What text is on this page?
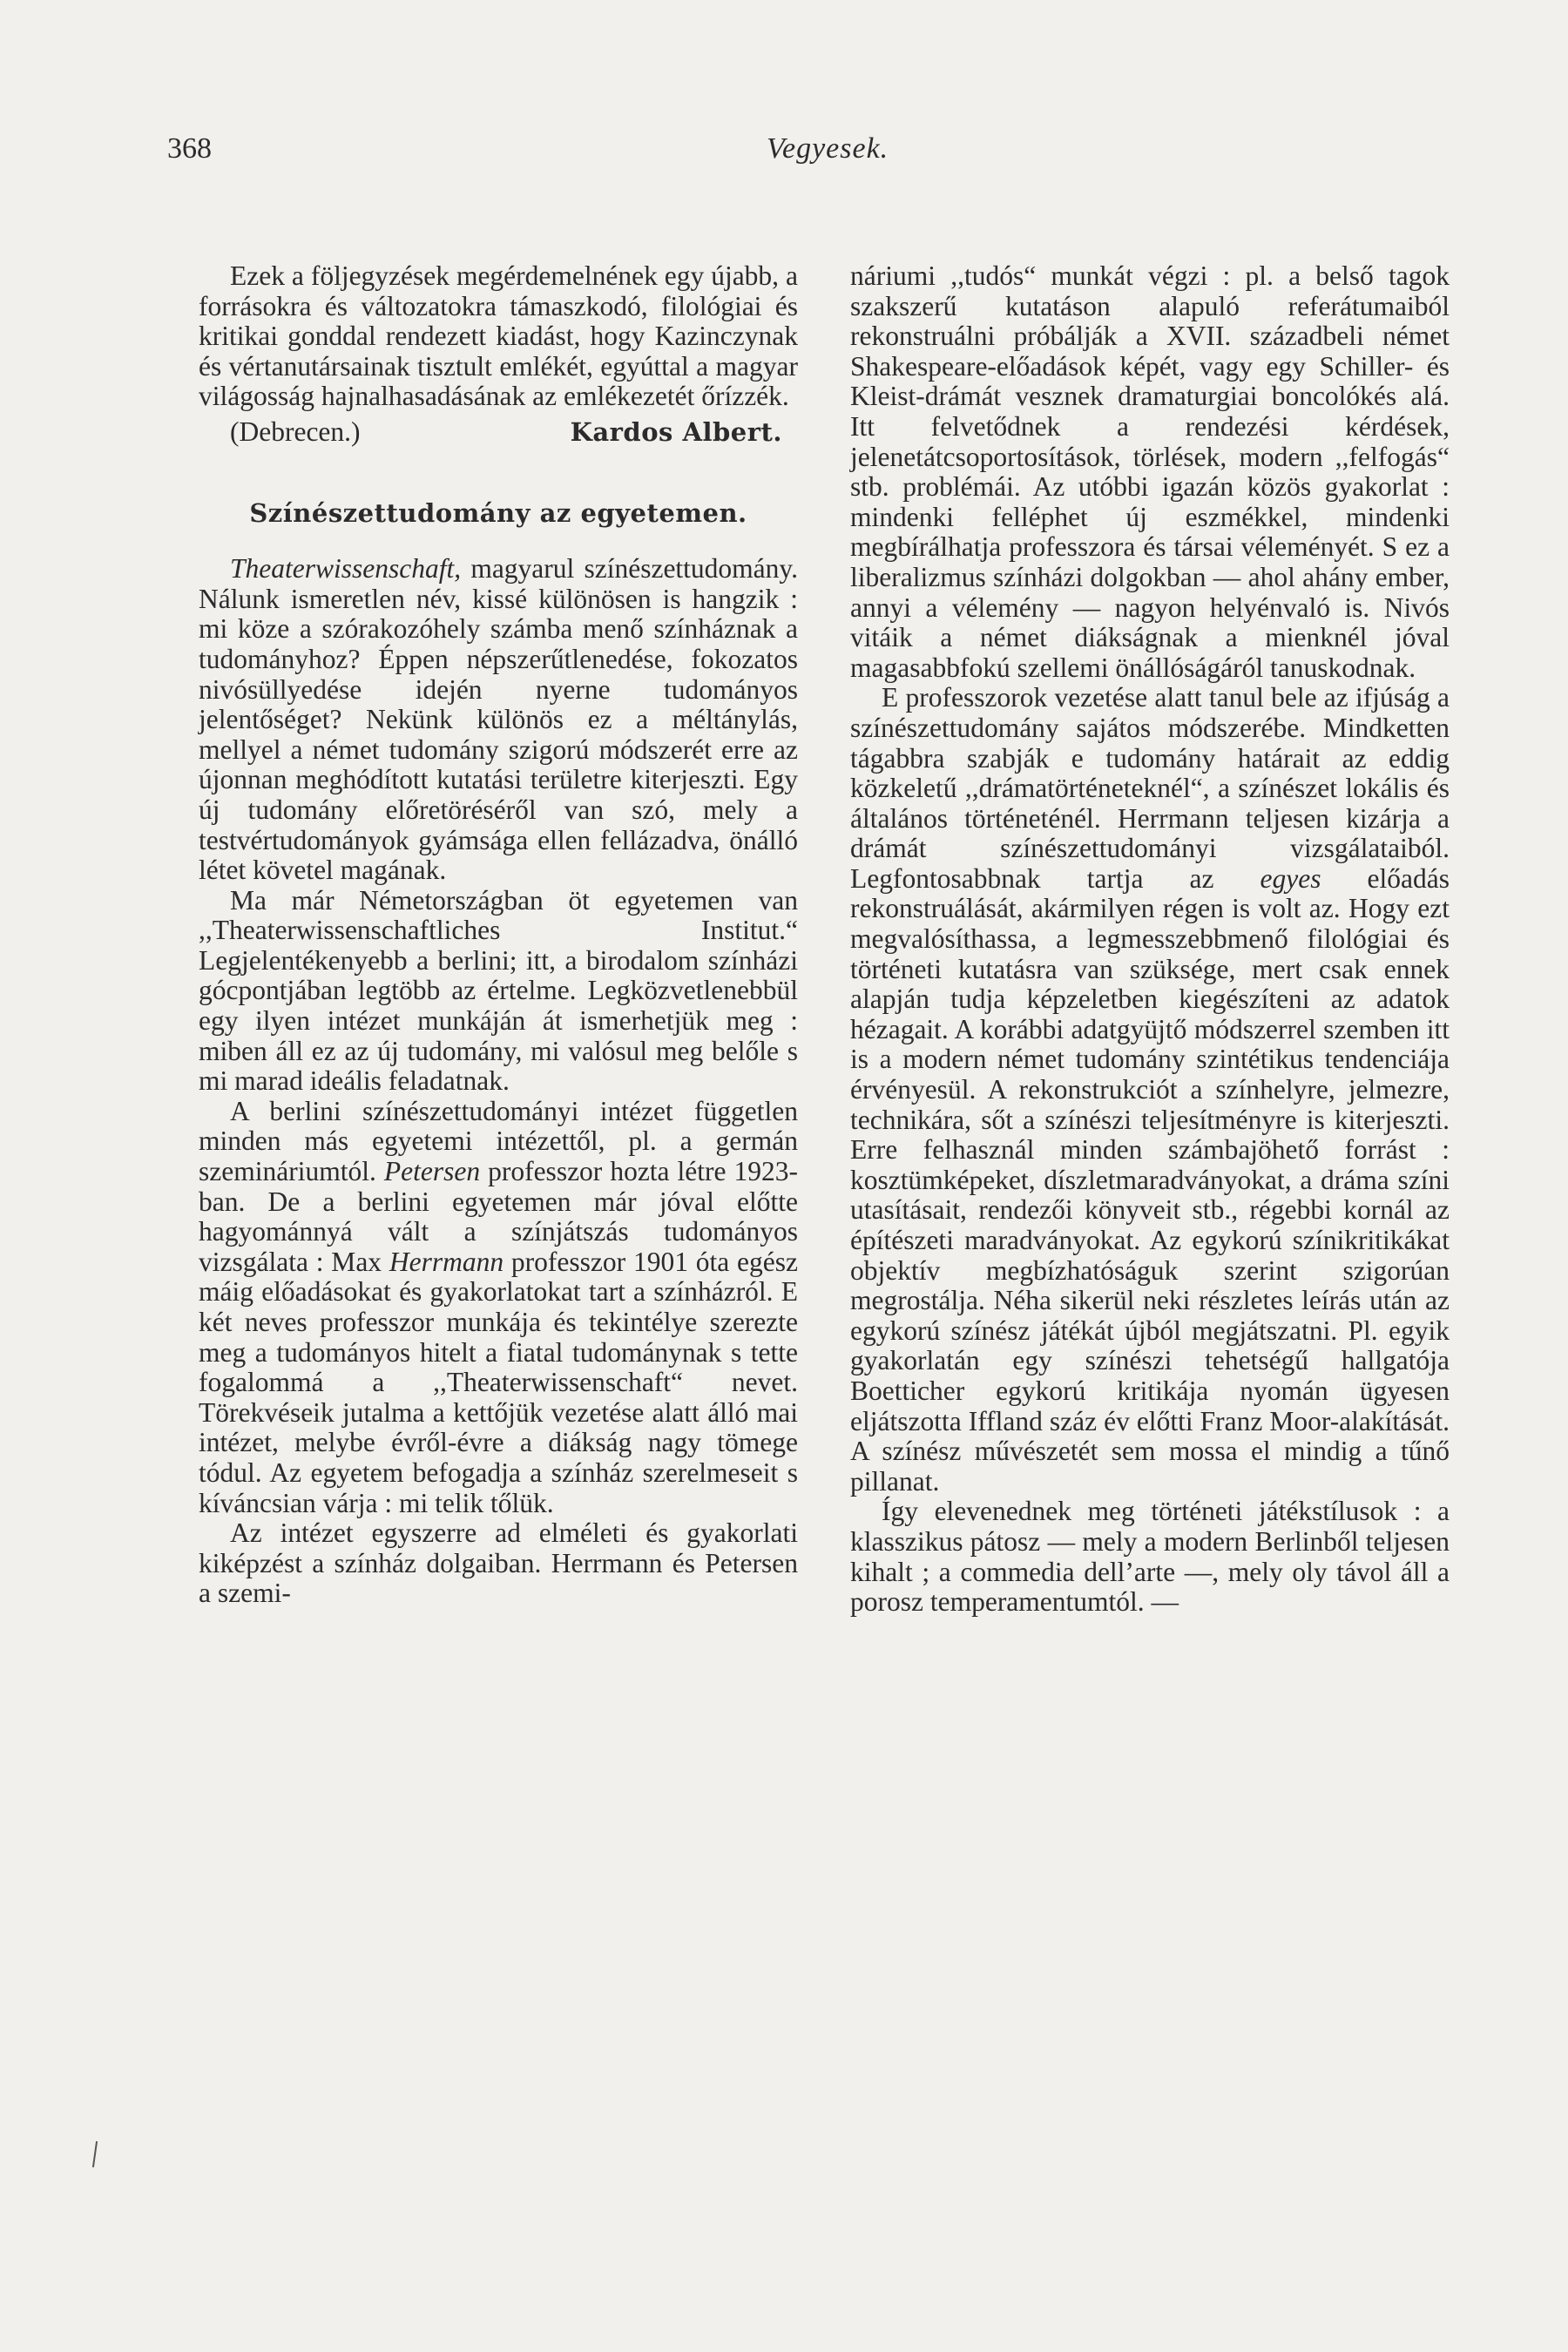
368	Vegyesek.

Ezek a följegyzések megérdemelnének egy újabb, a forrásokra és változatokra támaszkodó, filológiai és kritikai gonddal rendezett kiadást, hogy Kazinczynak és vértanutársainak tisztult emlékét, egyúttal a magyar világosság hajnalhasadásának az emlékezetét őrízzék.

(Debrecen.)	Kardos Albert.
Színészettudomány az egyetemen.

Theaterwissenschaft, magyarul színészettudomány. Nálunk ismeretlen név, kissé különösen is hangzik : mi köze a szórakozóhely számba menő színháznak a tudományhoz? Éppen népszerűtlenedése, fokozatos nivósüllyedése idején nyerne tudományos jelentőséget? Nekünk különös ez a méltánylás, mellyel a német tudomány szigorú módszerét erre az újonnan meghódított kutatási területre kiterjeszti. Egy új tudomány előretöréséről van szó, mely a testvértudományok gyámsága ellen fellázadva, önálló létet követel magának.

Ma már Németországban öt egyetemen van ,,Theaterwissenschaftliches Institut.“ Legjelentékenyebb a berlini; itt, a birodalom színházi gócpontjában legtöbb az értelme. Legközvetlenebbül egy ilyen intézet munkáján át ismerhetjük meg : miben áll ez az új tudomány, mi valósul meg belőle s mi marad ideális feladatnak.

A berlini színészettudományi intézet független minden más egyetemi intézettől, pl. a germán szemináriumtól. Petersen professzor hozta létre 1923-ban. De a berlini egyetemen már jóval előtte hagyománnyá vált a színjátszás tudományos vizsgálata : Max Herrmann professzor 1901 óta egész máig előadásokat és gyakorlatokat tart a színházról. E két neves professzor munkája és tekintélye szerezte meg a tudományos hitelt a fiatal tudománynak s tette fogalommá a ,,Theaterwissenschaft“ nevet. Törekvéseik jutalma a kettőjük vezetése alatt álló mai intézet, melybe évről-évre a diákság nagy tömege tódul. Az egyetem befogadja a színház szerelmeseit s kíváncsian várja : mi telik tőlük.

Az intézet egyszerre ad elméleti és gyakorlati kiképzést a színház dolgaiban. Herrmann és Petersen a szemi-

náriumi ,,tudós“ munkát végzi : pl. a belső tagok szakszerű kutatáson alapuló referátumaiból rekonstruálni próbálják a XVII. századbeli német Shakespeare-előadások képét, vagy egy Schiller- és Kleist-drámát vesznek dramaturgiai boncolókés alá. Itt felvetődnek a rendezési kérdések, jelenetátcsoportosítások, törlések, modern ,,felfogás“ stb. problémái. Az utóbbi igazán közös gyakorlat : mindenki felléphet új eszmékkel, mindenki megbírálhatja professzora és társai véleményét. S ez a liberalizmus színházi dolgokban — ahol ahány ember, annyi a vélemény — nagyon helyénvaló is. Nivós vitáik a német diákságnak a mienknél jóval magasabbfokú szellemi önállóságáról tanuskodnak.

E professzorok vezetése alatt tanul bele az ifjúság a színészettudomány sajátos módszerébe. Mindketten tágabbra szabják e tudomány határait az eddig közkeletű ,,drámatörténeteknél“, a színészet lokális és általános történeténél. Herrmann teljesen kizárja a drámát színészettudományi vizsgálataiból. Legfontosabbnak tartja az egyes előadás rekonstruálását, akármilyen régen is volt az. Hogy ezt megvalósíthassa, a legmesszebbmenő filológiai és történeti kutatásra van szüksége, mert csak ennek alapján tudja képzeletben kiegészíteni az adatok hézagait. A korábbi adatgyüjtő módszerrel szemben itt is a modern német tudomány szintétikus tendenciája érvényesül. A rekonstrukciót a színhelyre, jelmezre, technikára, sőt a színészi teljesítményre is kiterjeszti. Erre felhasznál minden számbajöhető forrást : kosztümképeket, díszletmaradványokat, a dráma színi utasításait, rendezői könyveit stb., régebbi kornál az építészeti maradványokat. Az egykorú színikritikákat objektív megbízhatóságuk szerint szigorúan megrostálja. Néha sikerül neki részletes leírás után az egykorú színész játékát újból megjátszatni. Pl. egyik gyakorlatán egy színészi tehetségű hallgatója Boetticher egykorú kritikája nyomán ügyesen eljátszotta Iffland száz év előtti Franz Moor-alakítását. A színész művészetét sem mossa el mindig a tűnő pillanat.

Így elevenednek meg történeti játékstílusok : a klasszikus pátosz — mely a modern Berlinből teljesen kihalt ; a commedia dell’arte —, mely oly távol áll a porosz temperamentumtól. —
